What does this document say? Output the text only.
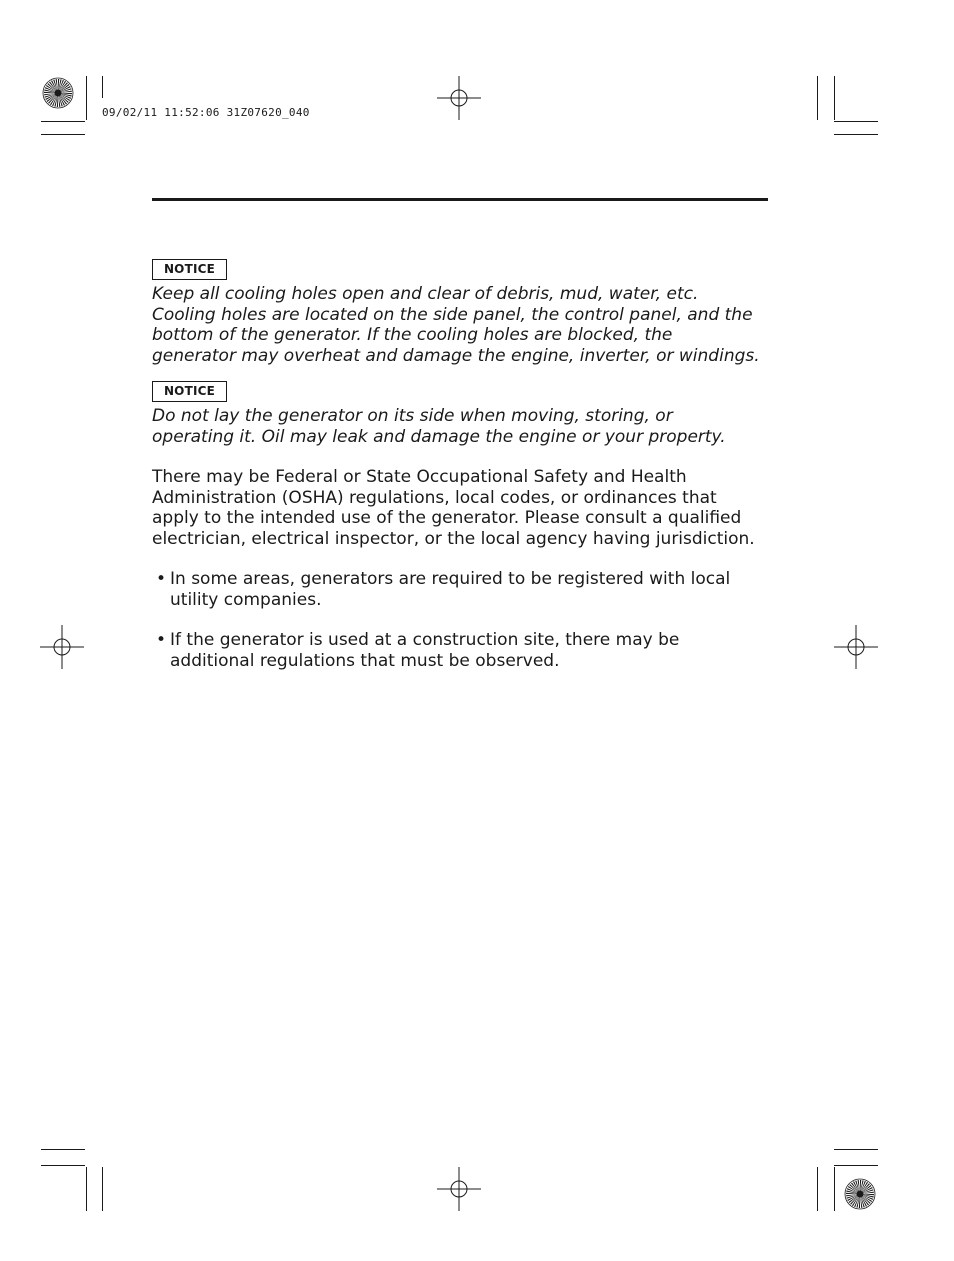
09/02/11 11:52:06 31Z07620_040
NOTICE
Keep all cooling holes open and clear of debris, mud, water, etc.
Cooling holes are located on the side panel, the control panel, and the
bottom of the generator. If the cooling holes are blocked, the
generator may overheat and damage the engine, inverter, or windings.
NOTICE
Do not lay the generator on its side when moving, storing, or
operating it. Oil may leak and damage the engine or your property.
There may be Federal or State Occupational Safety and Health
Administration (OSHA) regulations, local codes, or ordinances that
apply to the intended use of the generator. Please consult a qualified
electrician, electrical inspector, or the local agency having jurisdiction.
• In some areas, generators are required to be registered with local
utility companies.
• If the generator is used at a construction site, there may be
additional regulations that must be observed.
